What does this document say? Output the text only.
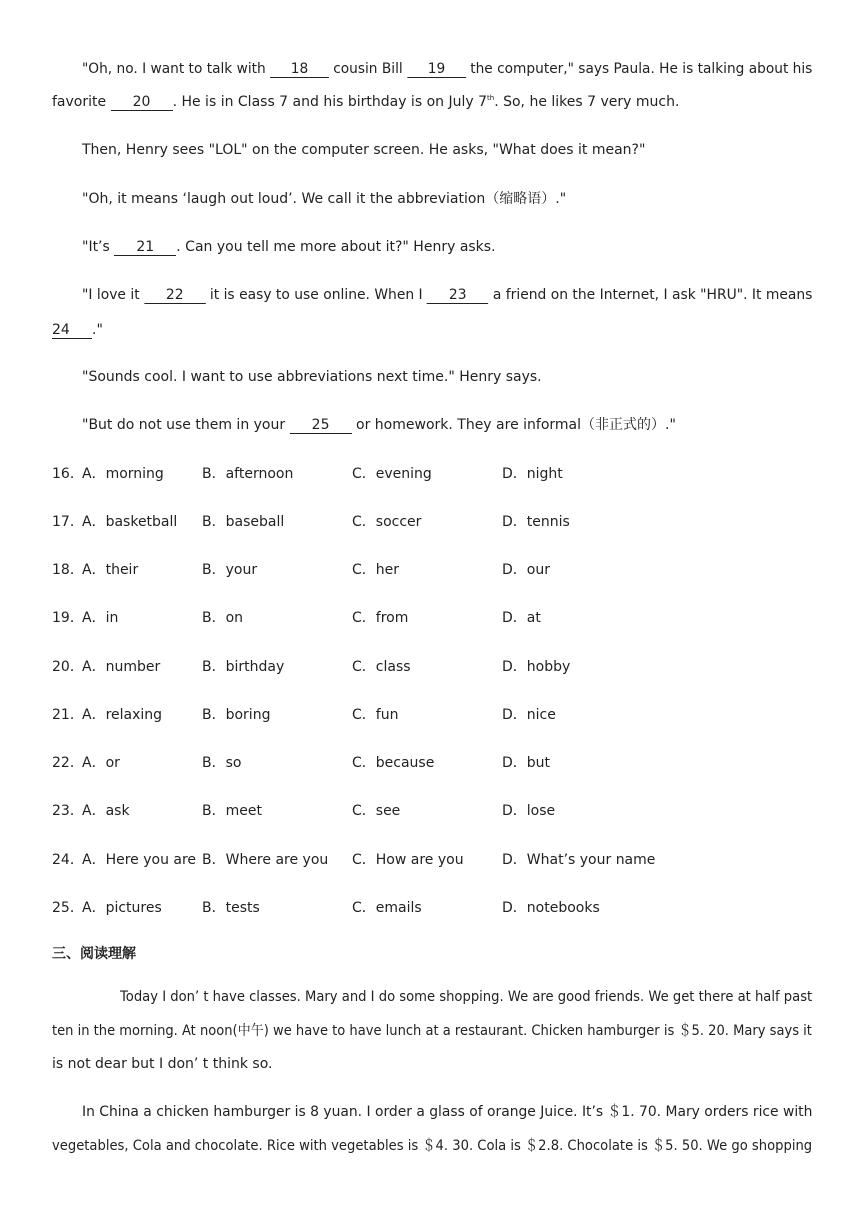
"Oh, no. I want to talk with 18 cousin Bill 19 the computer," says Paula. He is talking about his
favorite 20 . He is in Class 7 and his birthday is on July 7th. So, he likes 7 very much.
Then, Henry sees "LOL" on the computer screen. He asks, "What does it mean?"
"Oh, it means ‘laugh out loud’. We call it the abbreviation（缩略语）."
"It’s 21 . Can you tell me more about it?" Henry asks.
"I love it 22 it is easy to use online. When I 23 a friend on the Internet, I ask "HRU". It means
24 ."
"Sounds cool. I want to use abbreviations next time." Henry says.
"But do not use them in your 25 or homework. They are informal（非正式的）."
16．
A．morning	B．afternoon	C．evening	D．night
17．
A．basketball B．baseball	C．soccer	D．tennis
18．
A．their	B．your	C．her	D．our
19．
A．in	B．on	C．from	D．at
20．
A．number	B．birthday	C．class	D．hobby
21．
A．relaxing	B．boring	C．fun	D．nice
22．
A．or	B．so	C．because	D．but
23．
A．ask	B．meet	C．see	D．lose
24．
A．Here you are B．Where are you C．How are you	D．What’s your name
25．
A．pictures	B．tests	C．emails	D．notebooks
三、阅读理解
Today I don’ t have classes. Mary and I do some shopping. We are good friends. We get there at half past
ten in the morning. At noon(中午) we have to have lunch at a restaurant. Chicken hamburger is ＄5. 20. Mary says it
is not dear but I don’ t think so.
In China a chicken hamburger is 8 yuan. I order a glass of orange Juice. It’s ＄1. 70. Mary orders rice with
vegetables, Cola and chocolate. Rice with vegetables is ＄4. 30. Cola is ＄2.8. Chocolate is ＄5. 50. We go shopping
